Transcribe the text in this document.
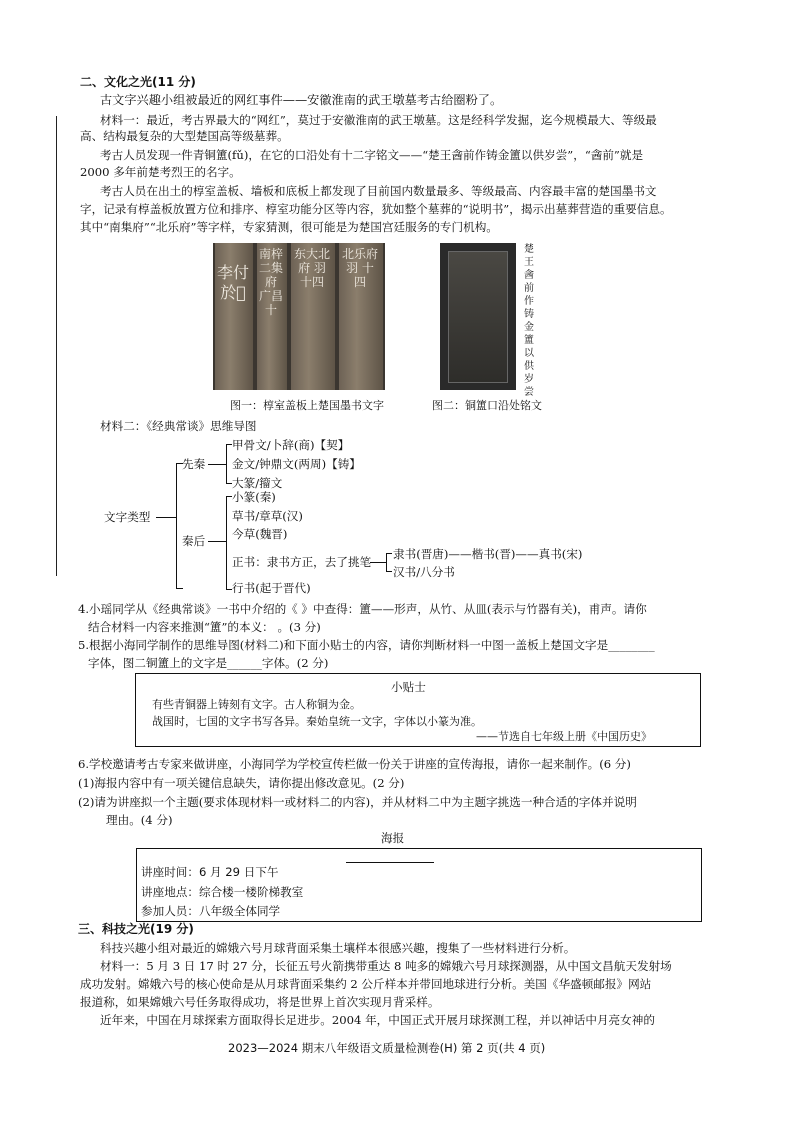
二、文化之光(11 分)
古文字兴趣小组被最近的网红事件——安徽淮南的武王墩墓考古给圈粉了。
材料一：最近，考古界最大的“网红”，莫过于安徽淮南的武王墩墓。这是经科学发掘，迄今规模最大、等级最
高、结构最复杂的大型楚国高等级墓葬。
考古人员发现一件青铜簠(fǔ)，在它的口沿处有十二字铭文——“楚王酓前作铸金簠以供岁尝”，“酓前”就是
2000 多年前楚考烈王的名字。
考古人员在出土的椁室盖板、墙板和底板上都发现了目前国内数量最多、等级最高、内容最丰富的楚国墨书文
字，记录有椁盖板放置方位和排序、椁室功能分区等内容，犹如整个墓葬的“说明书”，揭示出墓葬营造的重要信息。
其中“南集府”“北乐府”等字样，专家猜测，很可能是为楚国宫廷服务的专门机构。
李付於𢒙
南梓二集府 广昌 十
东大北府 羽 十四
北乐府 羽 十四
楚王酓前作铸金簠以供岁尝
图一：椁室盖板上楚国墨书文字	图二：铜簠口沿处铭文
材料二：《经典常谈》思维导图
文字类型
先秦
甲骨文/卜辞(商)【契】
金文/钟鼎文(两周)【铸】
大篆/籀文
秦后
小篆(秦)
草书/章草(汉)
今草(魏晋)
正书：隶书方正，去了挑笔
隶书(晋唐)——楷书(晋)——真书(宋)
汉书/八分书
行书(起于晋代)
4.小瑶同学从《经典常谈》一书中介绍的《 》中查得：簠——形声，从竹、从皿(表示与竹器有关)，甫声。请你
结合材料一内容来推测“簠”的本义： 。(3 分)
5.根据小海同学制作的思维导图(材料二)和下面小贴士的内容，请你判断材料一中图一盖板上楚国文字是________
字体，图二铜簠上的文字是______字体。(2 分)
小贴士
有些青铜器上铸刻有文字。古人称铜为金。
战国时，七国的文字书写各异。秦始皇统一文字，字体以小篆为准。
——节选自七年级上册《中国历史》
6.学校邀请考古专家来做讲座，小海同学为学校宣传栏做一份关于讲座的宣传海报，请你一起来制作。(6 分)
(1)海报内容中有一项关键信息缺失，请你提出修改意见。(2 分)
(2)请为讲座拟一个主题(要求体现材料一或材料二的内容)，并从材料二中为主题字挑选一种合适的字体并说明
理由。(4 分)
海报
讲座时间：6 月 29 日下午
讲座地点：综合楼一楼阶梯教室
参加人员：八年级全体同学
三、科技之光(19 分)
科技兴趣小组对最近的嫦娥六号月球背面采集土壤样本很感兴趣，搜集了一些材料进行分析。
材料一：5 月 3 日 17 时 27 分，长征五号火箭携带重达 8 吨多的嫦娥六号月球探测器，从中国文昌航天发射场
成功发射。嫦娥六号的核心使命是从月球背面采集约 2 公斤样本并带回地球进行分析。美国《华盛顿邮报》网站
报道称，如果嫦娥六号任务取得成功，将是世界上首次实现月背采样。
近年来，中国在月球探索方面取得长足进步。2004 年，中国正式开展月球探测工程，并以神话中月亮女神的
2023—2024 期末八年级语文质量检测卷(H) 第 2 页(共 4 页)
